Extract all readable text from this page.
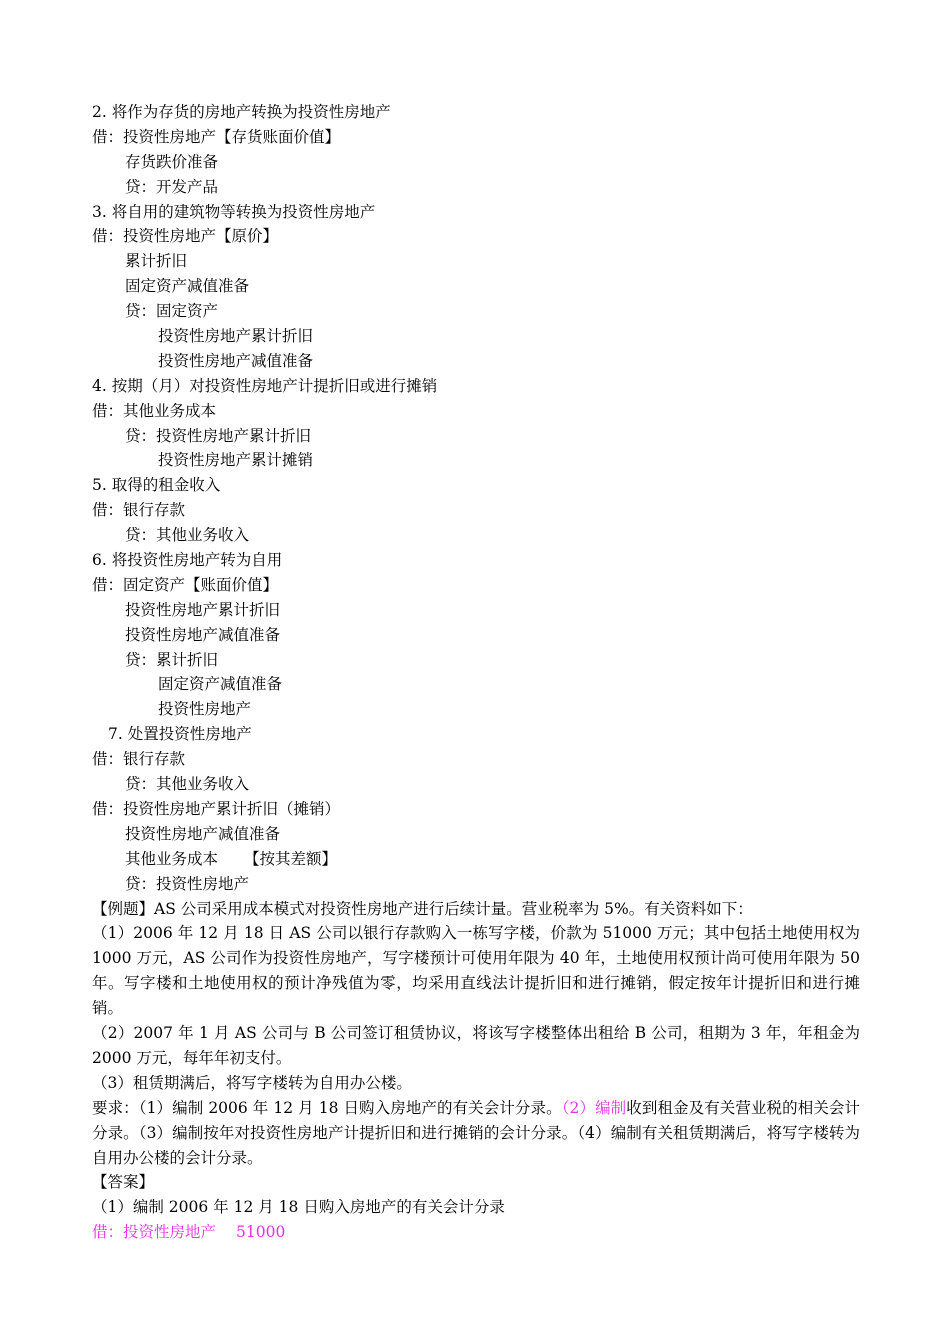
2. 将作为存货的房地产转换为投资性房地产
借：投资性房地产【存货账面价值】
存货跌价准备
贷：开发产品
3. 将自用的建筑物等转换为投资性房地产
借：投资性房地产【原价】
累计折旧
固定资产减值准备
贷：固定资产
投资性房地产累计折旧
投资性房地产减值准备
4. 按期（月）对投资性房地产计提折旧或进行摊销
借：其他业务成本
贷：投资性房地产累计折旧
投资性房地产累计摊销
5. 取得的租金收入
借：银行存款
贷：其他业务收入
6. 将投资性房地产转为自用
借：固定资产【账面价值】
投资性房地产累计折旧
投资性房地产减值准备
贷：累计折旧
固定资产减值准备
投资性房地产
7. 处置投资性房地产
借：银行存款
贷：其他业务收入
借：投资性房地产累计折旧（摊销）
投资性房地产减值准备
其他业务成本 【按其差额】
贷：投资性房地产
【例题】AS 公司采用成本模式对投资性房地产进行后续计量。营业税率为 5%。有关资料如下：
（1）2006 年 12 月 18 日 AS 公司以银行存款购入一栋写字楼，价款为 51000 万元；其中包括土地使用权为 1000 万元，AS 公司作为投资性房地产，写字楼预计可使用年限为 40 年，土地使用权预计尚可使用年限为 50 年。写字楼和土地使用权的预计净残值为零，均采用直线法计提折旧和进行摊销，假定按年计提折旧和进行摊销。
（2）2007 年 1 月 AS 公司与 B 公司签订租赁协议，将该写字楼整体出租给 B 公司，租期为 3 年，年租金为 2000 万元，每年年初支付。
（3）租赁期满后，将写字楼转为自用办公楼。
要求：（1）编制 2006 年 12 月 18 日购入房地产的有关会计分录。（2）编制收到租金及有关营业税的相关会计分录。（3）编制按年对投资性房地产计提折旧和进行摊销的会计分录。（4）编制有关租赁期满后，将写字楼转为自用办公楼的会计分录。
【答案】
（1）编制 2006 年 12 月 18 日购入房地产的有关会计分录
借：投资性房地产 51000
